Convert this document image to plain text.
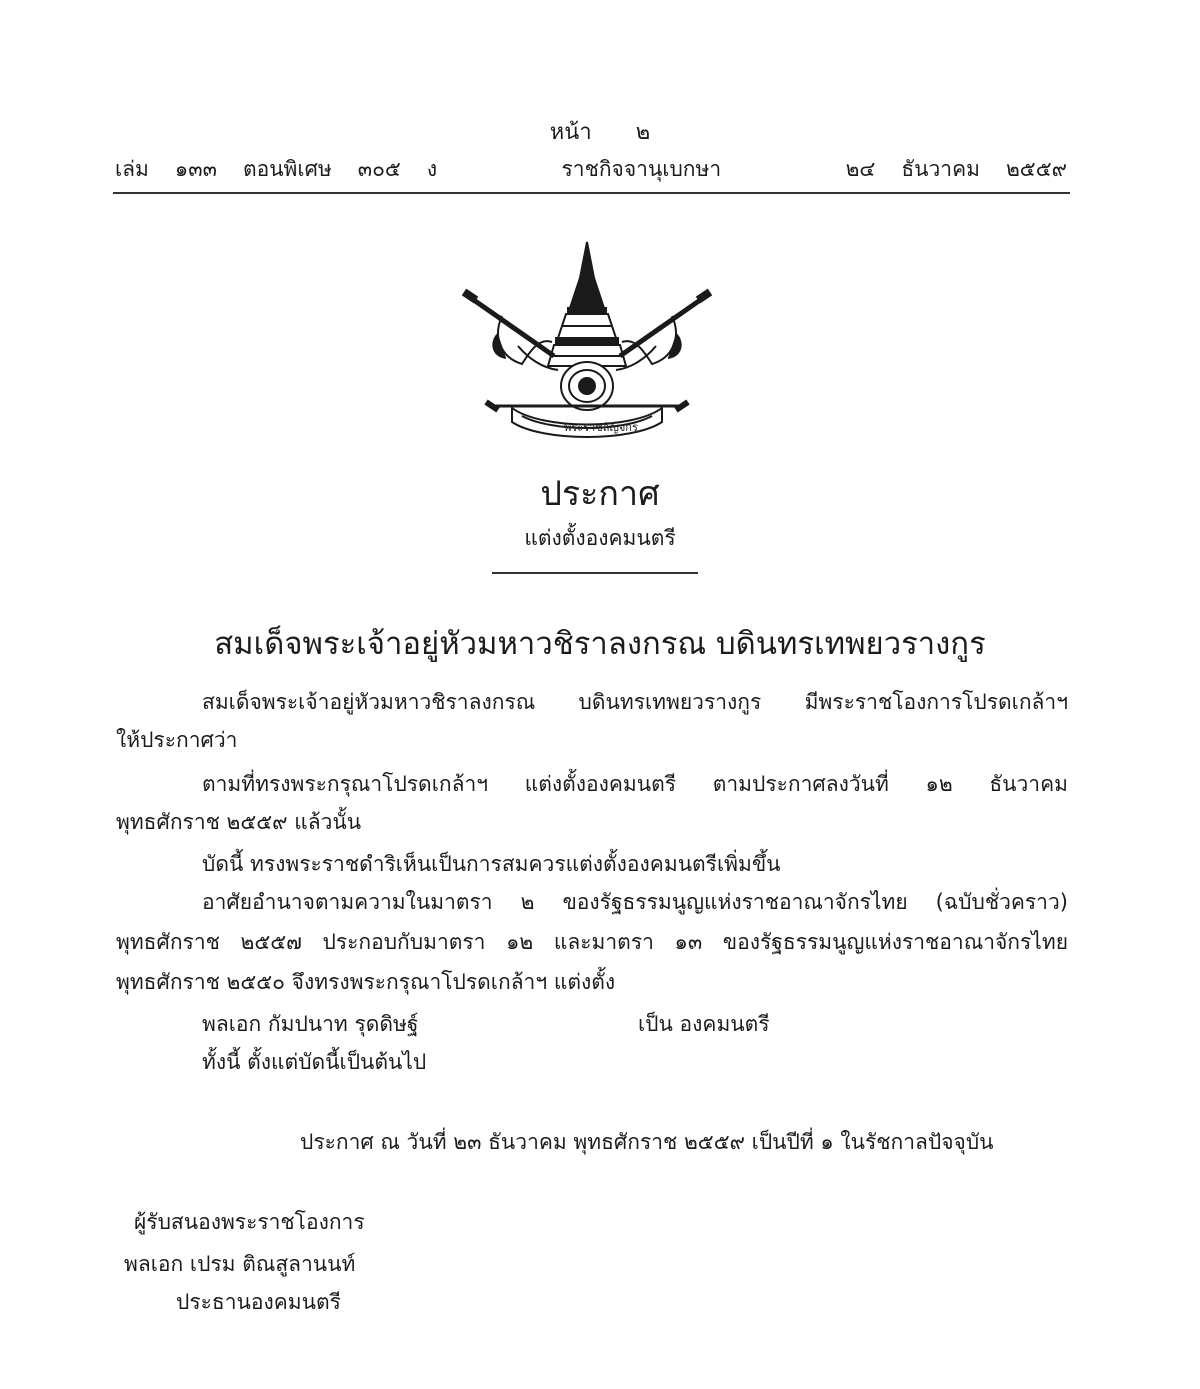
หน้า ๒
เล่ม ๑๓๓ ตอนพิเศษ ๓๐๕ ง	ราชกิจจานุเบกษา	๒๔ ธันวาคม ๒๕๕๙
พระราชลัญจกร
ประกาศ
แต่งตั้งองคมนตรี
สมเด็จพระเจ้าอยู่หัวมหาวชิราลงกรณ บดินทรเทพยวรางกูร
สมเด็จพระเจ้าอยู่หัวมหาวชิราลงกรณ บดินทรเทพยวรางกูร มีพระราชโองการโปรดเกล้าฯ
ให้ประกาศว่า
ตามที่ทรงพระกรุณาโปรดเกล้าฯ แต่งตั้งองคมนตรี ตามประกาศลงวันที่ ๑๒ ธันวาคม
พุทธศักราช ๒๕๕๙ แล้วนั้น
บัดนี้ ทรงพระราชดำริเห็นเป็นการสมควรแต่งตั้งองคมนตรีเพิ่มขึ้น
อาศัยอำนาจตามความในมาตรา ๒ ของรัฐธรรมนูญแห่งราชอาณาจักรไทย (ฉบับชั่วคราว)
พุทธศักราช ๒๕๕๗ ประกอบกับมาตรา ๑๒ และมาตรา ๑๓ ของรัฐธรรมนูญแห่งราชอาณาจักรไทย
พุทธศักราช ๒๕๕๐ จึงทรงพระกรุณาโปรดเกล้าฯ แต่งตั้ง
พลเอก กัมปนาท รุดดิษฐ์	เป็น องคมนตรี
ทั้งนี้ ตั้งแต่บัดนี้เป็นต้นไป
ประกาศ ณ วันที่ ๒๓ ธันวาคม พุทธศักราช ๒๕๕๙ เป็นปีที่ ๑ ในรัชกาลปัจจุบัน
ผู้รับสนองพระราชโองการ
พลเอก เปรม ติณสูลานนท์
ประธานองคมนตรี
